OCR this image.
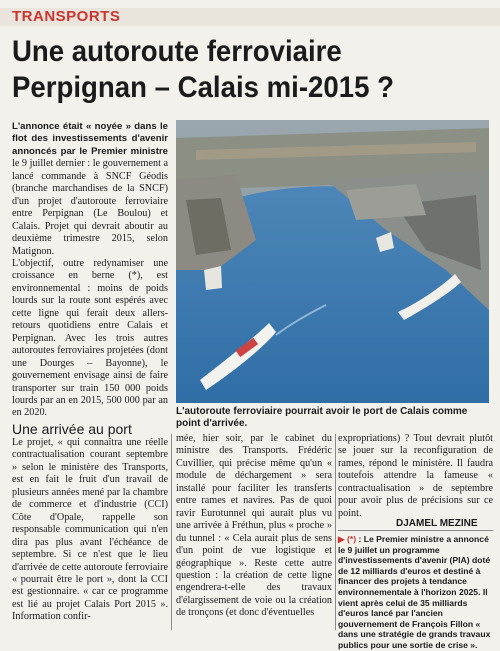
TRANSPORTS
Une autoroute ferroviaire
Perpignan – Calais mi-2015 ?

L'annonce était « noyée » dans le flot des investissements d'avenir annoncés par le Premier ministre le 9 juillet dernier : le gouvernement a lancé commande à SNCF Géodis (branche marchandises de la SNCF) d'un projet d'autoroute ferroviaire entre Perpignan (Le Boulou) et Calais. Projet qui devrait aboutir au deuxième trimestre 2015, selon Matignon.

L'objectif, outre redynamiser une croissance en berne (*), est environnemental : moins de poids lourds sur la route sont espérés avec cette ligne qui ferait deux allers-retours quotidiens entre Calais et Perpignan. Avec les trois autres autoroutes ferroviaires projetées (dont une Dourges – Bayonne), le gouvernement envisage ainsi de faire transporter sur train 150 000 poids lourds par an en 2015, 500 000 par an en 2020.	L'autoroute ferroviaire pourrait avoir le port de Calais comme point d'arrivée.
Une arrivée au port
Le projet, « qui connaîtra une réelle contractualisation courant septembre » selon le ministère des Transports, est en fait le fruit d'un travail de plusieurs années mené par la chambre de commerce et d'industrie (CCI) Côte d'Opale, rappelle son responsable communication qui n'en dira pas plus avant l'échéance de septembre. Si ce n'est que le lieu d'arrivée de cette autoroute ferroviaire « pourrait être le port », dont la CCI est gestionnaire. « car ce programme est lié au projet Calais Port 2015 ». Information confir-
mée, hier soir, par le cabinet du ministre des Transports. Frédéric Cuvillier, qui précise même qu'un « module de déchargement » sera installé pour faciliter les transferts entre rames et navires. Pas de quoi ravir Eurotunnel qui aurait plus vu une arrivée à Fréthun, plus « proche » du tunnel : « Cela aurait plus de sens d'un point de vue logistique et géographique ». Reste cette autre question : la création de cette ligne engendrera-t-elle des travaux d'élargissement de voie ou la création de tronçons (et donc d'éventuelles
expropriations) ? Tout devrait plutôt se jouer sur la reconfiguration de rames, répond le ministère. Il faudra toutefois attendre la fameuse « contractualisation » de septembre pour avoir plus de précisions sur ce point.
DJAMEL MEZINE
▶ (*) : Le Premier ministre a annoncé le 9 juillet un programme d'investissements d'avenir (PIA) doté de 12 milliards d'euros et destiné à financer des projets à tendance environnementale à l'horizon 2025. Il vient après celui de 35 milliards d'euros lancé par l'ancien gouvernement de François Fillon « dans une stratégie de grands travaux publics pour une sortie de crise ».
